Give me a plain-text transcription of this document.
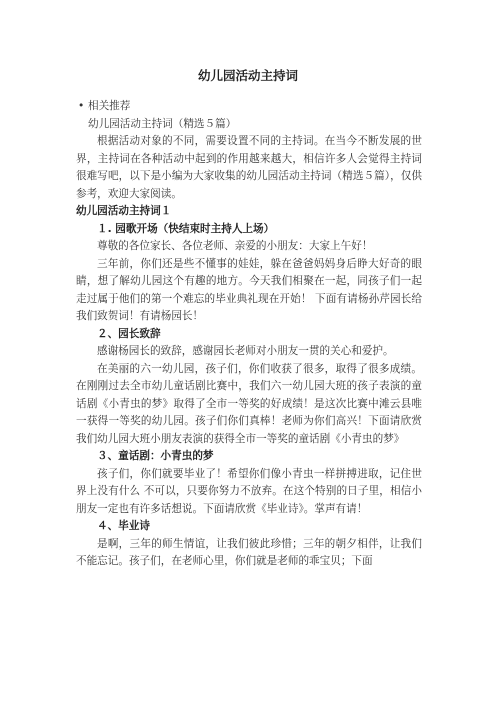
幼儿园活动主持词

• 相关推荐

幼儿园活动主持词（精选５篇）

根据活动对象的不同，需要设置不同的主持词。在当今不断发展的世界，主持词在各种活动中起到的作用越来越大，相信许多人会觉得主持词很难写吧，以下是小编为大家收集的幼儿园活动主持词（精选５篇），仅供参考，欢迎大家阅读。

幼儿园活动主持词１

１. 园歌开场（快结束时主持人上场）

尊敬的各位家长、各位老师、亲爱的小朋友：大家上午好！

三年前，你们还是些不懂事的娃娃，躲在爸爸妈妈身后睁大好奇的眼睛，想了解幼儿园这个有趣的地方。今天我们相聚在一起，同孩子们一起走过属于他们的第一个难忘的毕业典礼现在开始！ 下面有请杨孙芹园长给我们致贺词！有请杨园长！

２、园长致辞

感谢杨园长的致辞，感谢园长老师对小朋友一贯的关心和爱护。

在美丽的六一幼儿园，孩子们，你们收获了很多，取得了很多成绩。在刚刚过去全市幼儿童话剧比赛中，我们六一幼儿园大班的孩子表演的童话剧《小青虫的梦》取得了全市一等奖的好成绩！是这次比赛中滩云县唯一获得一等奖的幼儿园。孩子们你们真棒！老师为你们高兴！下面请欣赏我们幼儿园大班小朋友表演的获得全市一等奖的童话剧《小青虫的梦》

３、童话剧：小青虫的梦

孩子们，你们就要毕业了！希望你们像小青虫一样拼搏进取，记住世界上没有什么 不可以，只要你努力不放弃。在这个特别的日子里，相信小朋友一定也有许多话想说。下面请欣赏《毕业诗》。掌声有请！

４、毕业诗

是啊，三年的师生情谊，让我们彼此珍惜；三年的朝夕相伴，让我们不能忘记。孩子们，在老师心里，你们就是老师的乖宝贝；下面
